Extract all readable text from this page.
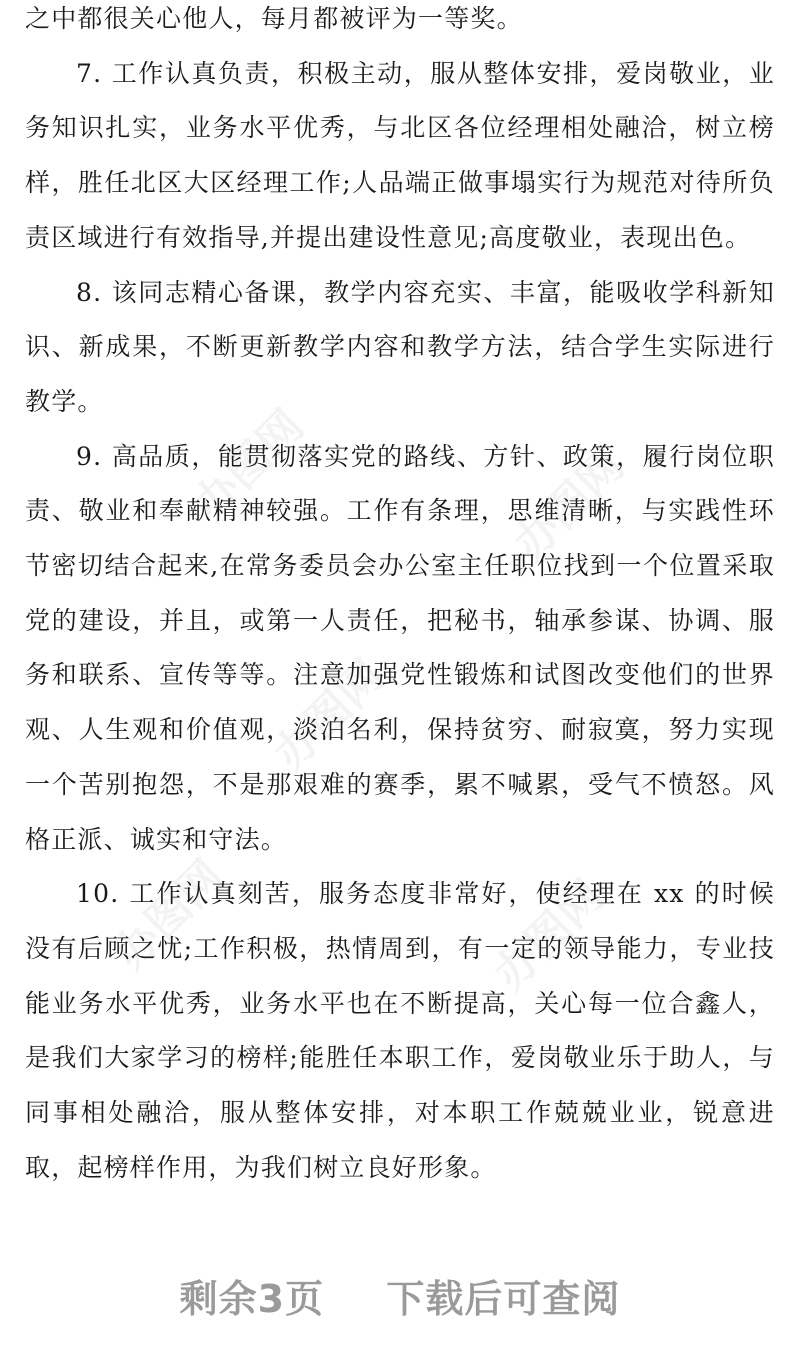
办图网	办图网
办图网
办图网	办图网

之中都很关心他人，每月都被评为一等奖。

7. 工作认真负责，积极主动，服从整体安排，爱岗敬业，业务知识扎实，业务水平优秀，与北区各位经理相处融洽，树立榜样，胜任北区大区经理工作;人品端正做事塌实行为规范对待所负责区域进行有效指导,并提出建设性意见;高度敬业，表现出色。

8. 该同志精心备课，教学内容充实、丰富，能吸收学科新知识、新成果，不断更新教学内容和教学方法，结合学生实际进行教学。

9. 高品质，能贯彻落实党的路线、方针、政策，履行岗位职责、敬业和奉献精神较强。工作有条理，思维清晰，与实践性环节密切结合起来,在常务委员会办公室主任职位找到一个位置采取党的建设，并且，或第一人责任，把秘书，轴承参谋、协调、服务和联系、宣传等等。注意加强党性锻炼和试图改变他们的世界观、人生观和价值观，淡泊名利，保持贫穷、耐寂寞，努力实现一个苦别抱怨，不是那艰难的赛季，累不喊累，受气不愤怒。风格正派、诚实和守法。

10. 工作认真刻苦，服务态度非常好，使经理在 xx 的时候没有后顾之忧;工作积极，热情周到，有一定的领导能力，专业技能业务水平优秀，业务水平也在不断提高，关心每一位合鑫人，是我们大家学习的榜样;能胜任本职工作，爱岗敬业乐于助人，与同事相处融洽，服从整体安排，对本职工作兢兢业业，锐意进取，起榜样作用，为我们树立良好形象。

剩余3页 下载后可查阅
